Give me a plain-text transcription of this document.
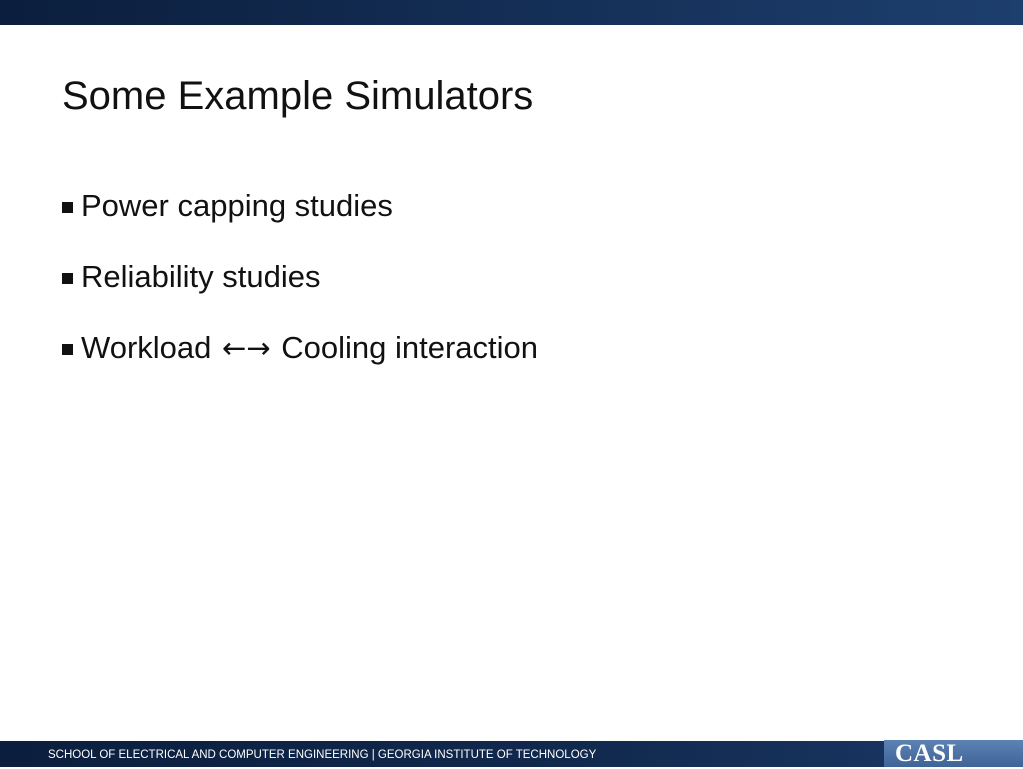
Some Example Simulators
Power capping studies
Reliability studies
Workload ←→ Cooling interaction
SCHOOL OF ELECTRICAL AND COMPUTER ENGINEERING | GEORGIA INSTITUTE OF TECHNOLOGY	CASL
